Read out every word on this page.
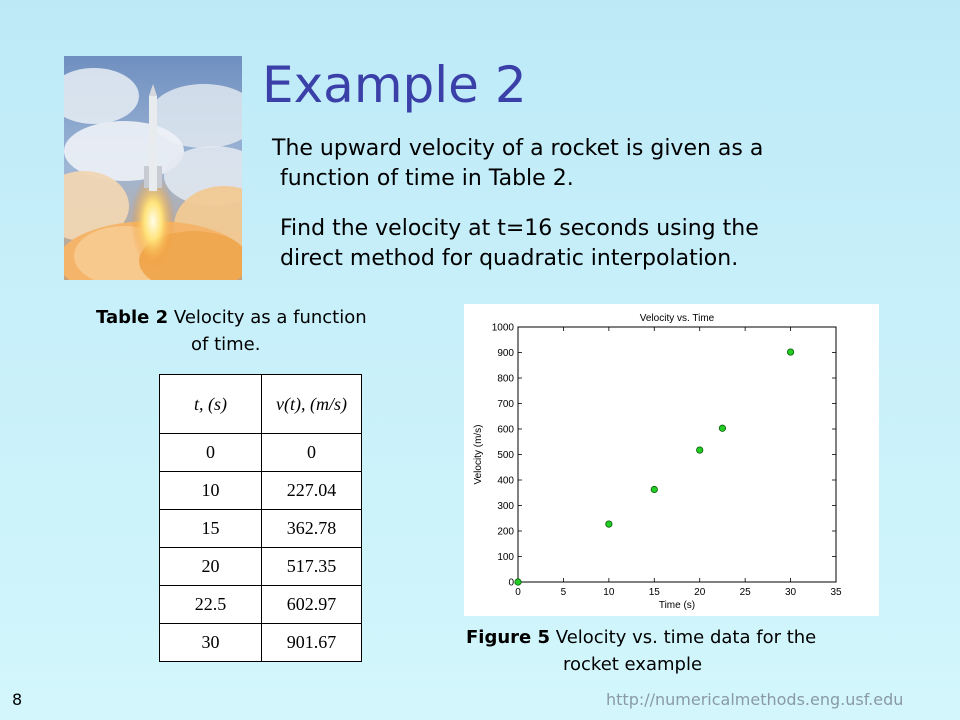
Example 2
The upward velocity of a rocket is given as a
function of time in Table 2.
Find the velocity at t=16 seconds using the
direct method for quadratic interpolation.
Table 2 Velocity as a function
of time.
t, (s)	v(t), (m/s)
0	0
10	227.04
15	362.78
20	517.35
22.5	602.97
30	901.67
0	5	10	15	20	25	30	35
0
100
200
300
400
500
600
700
800
900
1000
Velocity vs. Time
Time (s)
Velocity (m/s)
Figure 5 Velocity vs. time data for the
rocket example
8	http://numericalmethods.eng.usf.edu
